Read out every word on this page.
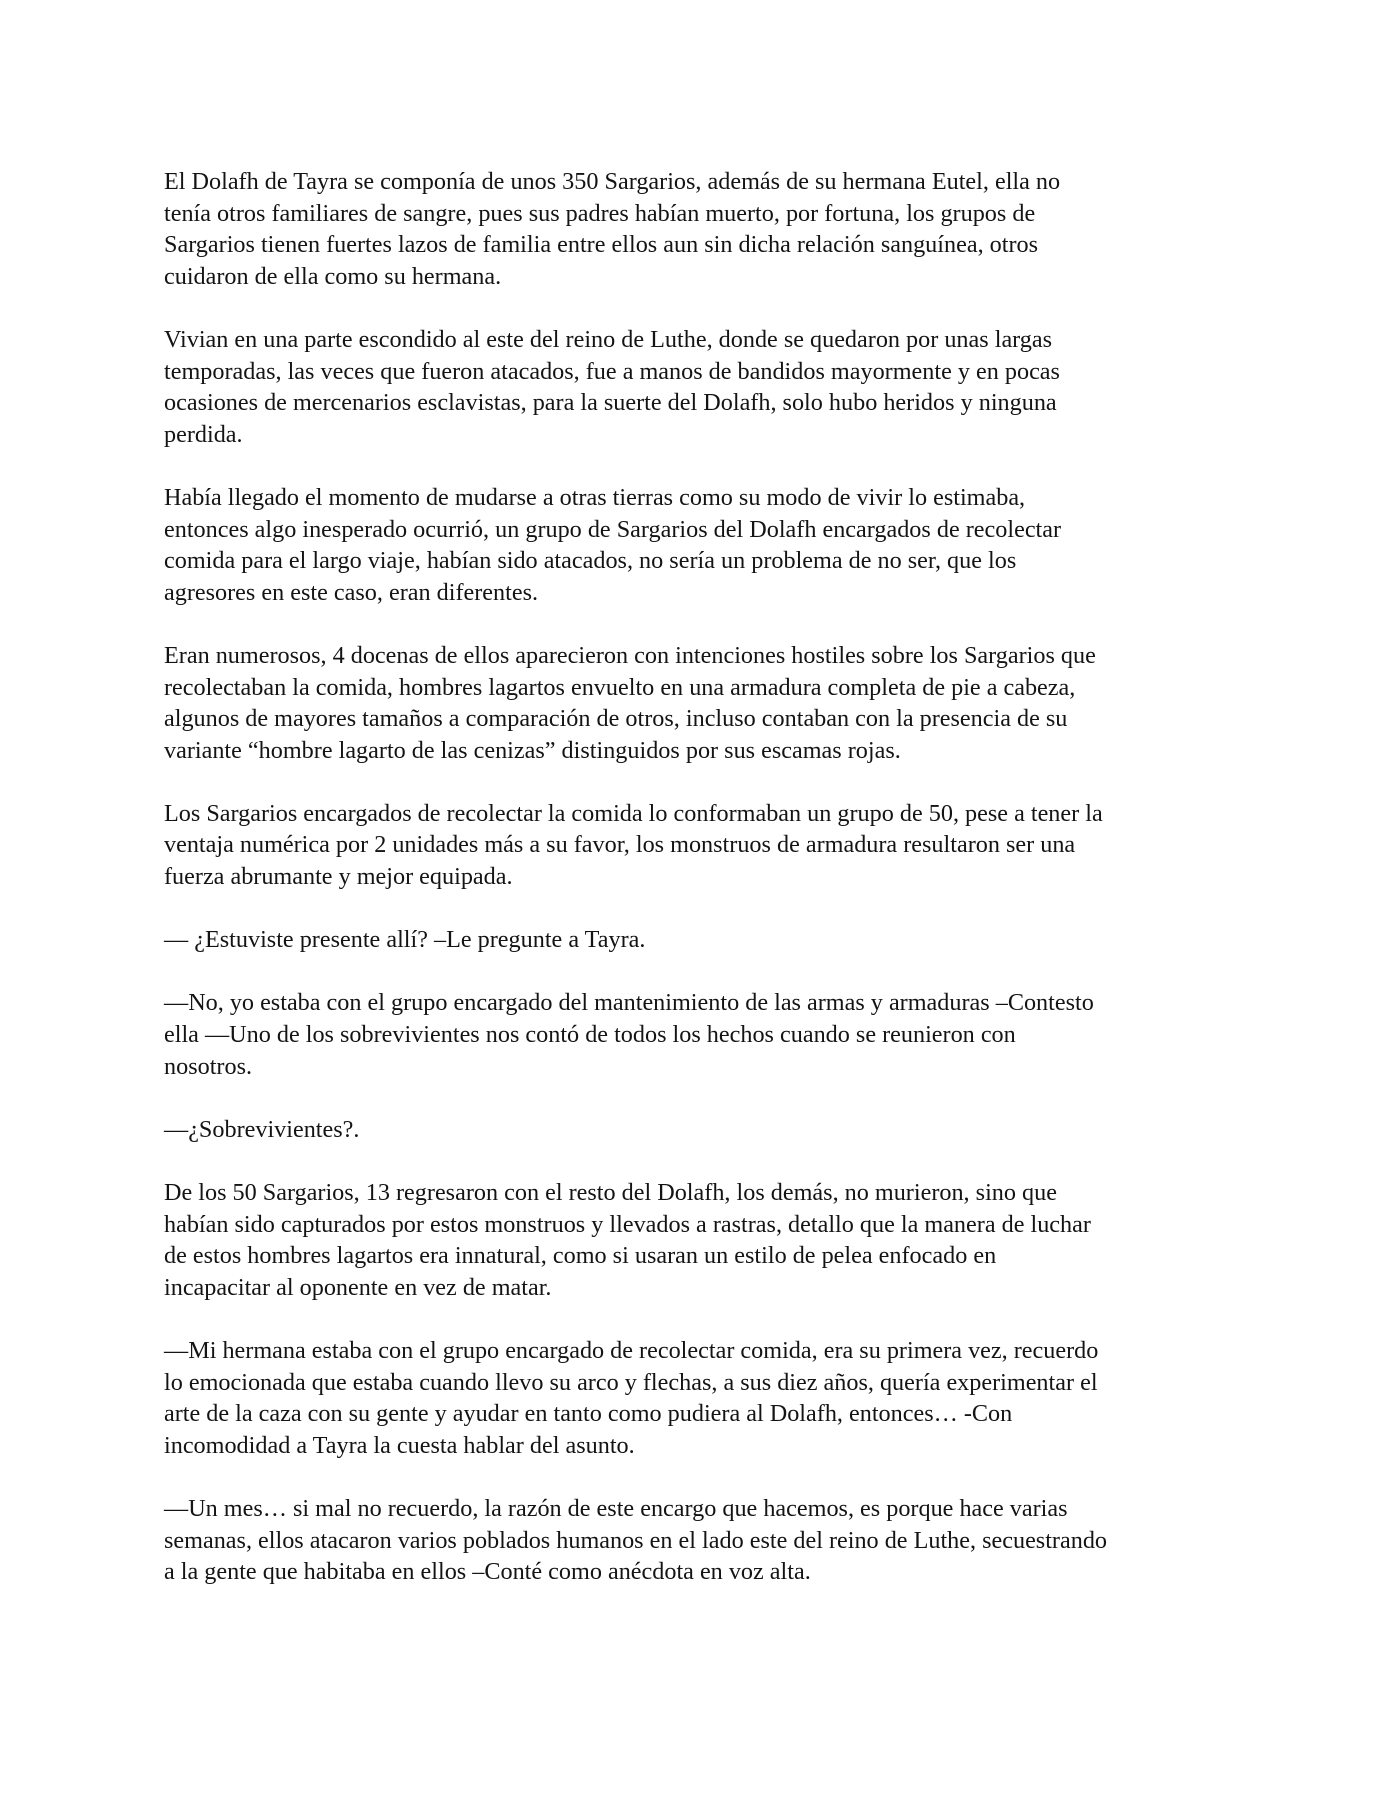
El Dolafh de Tayra se componía de unos 350 Sargarios, además de su hermana Eutel, ella no
tenía otros familiares de sangre, pues sus padres habían muerto, por fortuna, los grupos de
Sargarios tienen fuertes lazos de familia entre ellos aun sin dicha relación sanguínea, otros
cuidaron de ella como su hermana.

Vivian en una parte escondido al este del reino de Luthe, donde se quedaron por unas largas
temporadas, las veces que fueron atacados, fue a manos de bandidos mayormente y en pocas
ocasiones de mercenarios esclavistas, para la suerte del Dolafh, solo hubo heridos y ninguna
perdida.

Había llegado el momento de mudarse a otras tierras como su modo de vivir lo estimaba,
entonces algo inesperado ocurrió, un grupo de Sargarios del Dolafh encargados de recolectar
comida para el largo viaje, habían sido atacados, no sería un problema de no ser, que los
agresores en este caso, eran diferentes.

Eran numerosos, 4 docenas de ellos aparecieron con intenciones hostiles sobre los Sargarios que
recolectaban la comida, hombres lagartos envuelto en una armadura completa de pie a cabeza,
algunos de mayores tamaños a comparación de otros, incluso contaban con la presencia de su
variante “hombre lagarto de las cenizas” distinguidos por sus escamas rojas.

Los Sargarios encargados de recolectar la comida lo conformaban un grupo de 50, pese a tener la
ventaja numérica por 2 unidades más a su favor, los monstruos de armadura resultaron ser una
fuerza abrumante y mejor equipada.

— ¿Estuviste presente allí? –Le pregunte a Tayra.

—No, yo estaba con el grupo encargado del mantenimiento de las armas y armaduras –Contesto
ella —Uno de los sobrevivientes nos contó de todos los hechos cuando se reunieron con
nosotros.

—¿Sobrevivientes?.

De los 50 Sargarios, 13 regresaron con el resto del Dolafh, los demás, no murieron, sino que
habían sido capturados por estos monstruos y llevados a rastras, detallo que la manera de luchar
de estos hombres lagartos era innatural, como si usaran un estilo de pelea enfocado en
incapacitar al oponente en vez de matar.

—Mi hermana estaba con el grupo encargado de recolectar comida, era su primera vez, recuerdo
lo emocionada que estaba cuando llevo su arco y flechas, a sus diez años, quería experimentar el
arte de la caza con su gente y ayudar en tanto como pudiera al Dolafh, entonces… -Con
incomodidad a Tayra la cuesta hablar del asunto.

—Un mes… si mal no recuerdo, la razón de este encargo que hacemos, es porque hace varias
semanas, ellos atacaron varios poblados humanos en el lado este del reino de Luthe, secuestrando
a la gente que habitaba en ellos –Conté como anécdota en voz alta.
